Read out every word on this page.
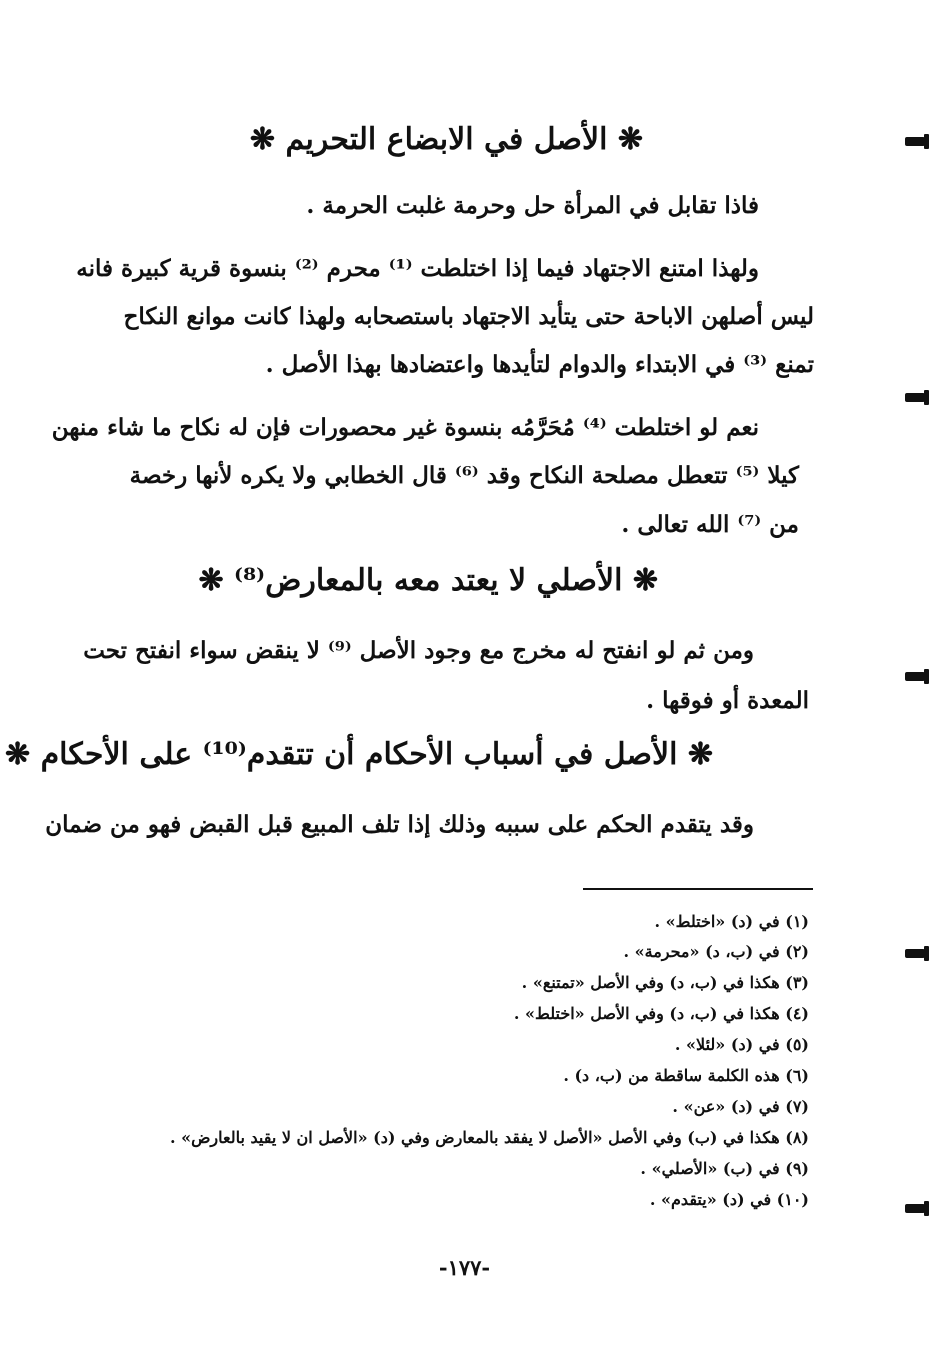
❋ الأصل في الابضاع التحريم ❋
فاذا تقابل في المرأة حل وحرمة غلبت الحرمة .
ولهذا امتنع الاجتهاد فيما إذا اختلطت ⁽¹⁾ محرم ⁽²⁾ بنسوة قرية كبيرة فانه
ليس أصلهن الاباحة حتى يتأيد الاجتهاد باستصحابه ولهذا كانت موانع النكاح
تمنع ⁽³⁾ في الابتداء والدوام لتأيدها واعتضادها بهذا الأصل .
نعم لو اختلطت ⁽⁴⁾ مُحَرَّمُه بنسوة غير محصورات فإن له نكاح ما شاء منهن
كيلا ⁽⁵⁾ تتعطل مصلحة النكاح وقد ⁽⁶⁾ قال الخطابي ولا يكره لأنها رخصة
من ⁽⁷⁾ الله تعالى .
❋ الأصلي لا يعتد معه بالمعارض⁽⁸⁾ ❋
ومن ثم لو انفتح له مخرج مع وجود الأصل ⁽⁹⁾ لا ينقض سواء انفتح تحت
المعدة أو فوقها .
❋ الأصل في أسباب الأحكام أن تتقدم⁽¹⁰⁾ على الأحكام ❋
وقد يتقدم الحكم على سببه وذلك إذا تلف المبيع قبل القبض فهو من ضمان
(١) في (د) «اختلط» .
(٢) في (ب، د) «محرمة» .
(٣) هكذا في (ب، د) وفي الأصل «تمتنع» .
(٤) هكذا في (ب، د) وفي الأصل «اختلط» .
(٥) في (د) «لئلا» .
(٦) هذه الكلمة ساقطة من (ب، د) .
(٧) في (د) «عن» .
(٨) هكذا في (ب) وفي الأصل «الأصل لا يفقد بالمعارض وفي (د) «الأصل ان لا يقيد بالعارض» .
(٩) في (ب) «الأصلي» .
(١٠) في (د) «يتقدم» .
-١٧٧-
